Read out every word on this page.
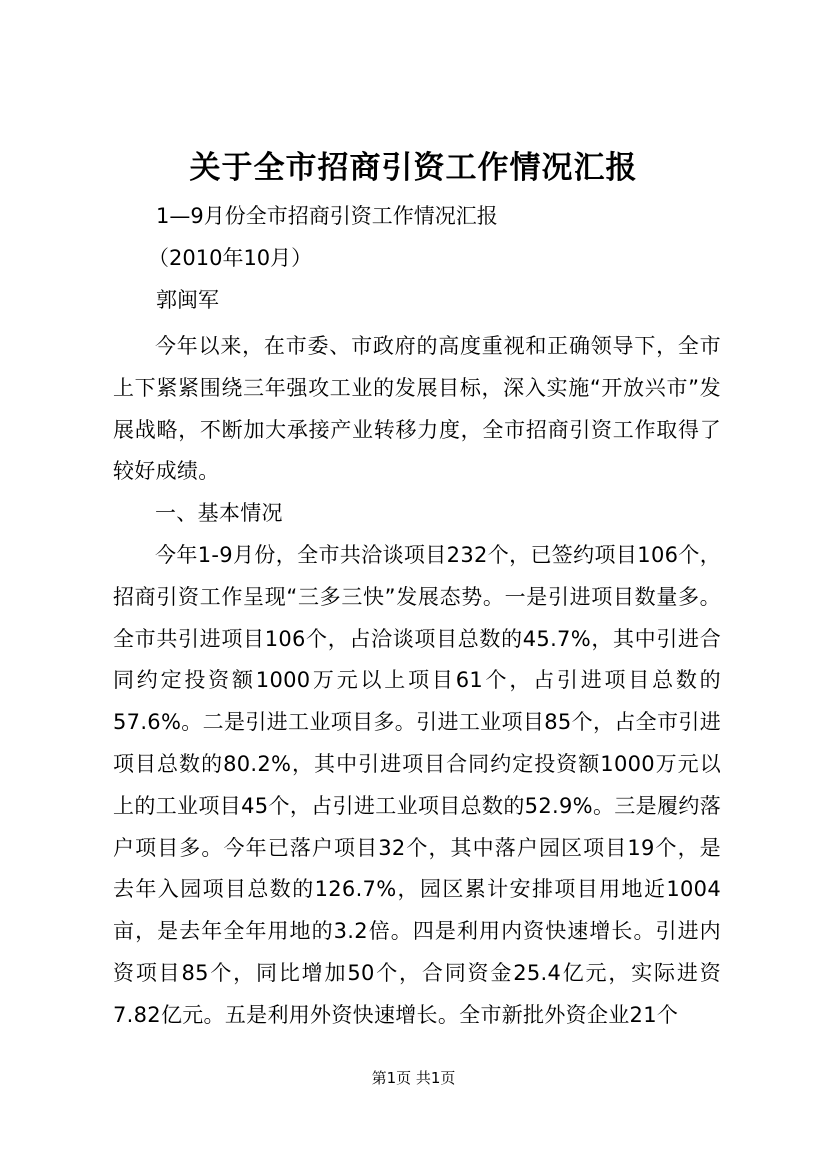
关于全市招商引资工作情况汇报
1—9月份全市招商引资工作情况汇报
（2010年10月）
郭闽军
今年以来，在市委、市政府的高度重视和正确领导下，全市上下紧紧围绕三年强攻工业的发展目标，深入实施“开放兴市”发展战略，不断加大承接产业转移力度，全市招商引资工作取得了较好成绩。
一、基本情况
今年1-9月份，全市共洽谈项目232个，已签约项目106个，招商引资工作呈现“三多三快”发展态势。一是引进项目数量多。全市共引进项目106个，占洽谈项目总数的45.7%，其中引进合同约定投资额1000万元以上项目61个，占引进项目总数的57.6%。二是引进工业项目多。引进工业项目85个，占全市引进项目总数的80.2%，其中引进项目合同约定投资额1000万元以上的工业项目45个，占引进工业项目总数的52.9%。三是履约落户项目多。今年已落户项目32个，其中落户园区项目19个，是去年入园项目总数的126.7%，园区累计安排项目用地近1004亩，是去年全年用地的3.2倍。四是利用内资快速增长。引进内资项目85个，同比增加50个，合同资金25.4亿元，实际进资7.82亿元。五是利用外资快速增长。全市新批外资企业21个
第1页 共1页
